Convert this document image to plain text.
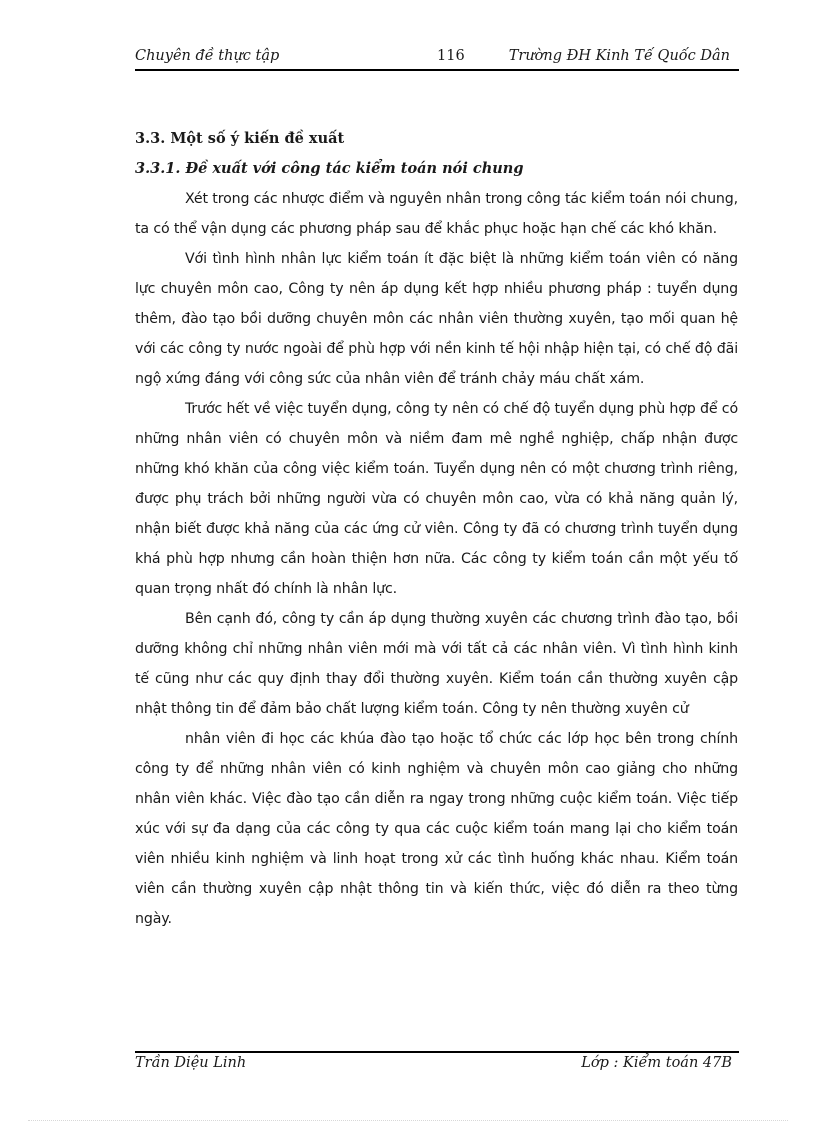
Chuyên đề thực tập	116	Trường ĐH Kinh Tế Quốc Dân

3.3. Một số ý kiến đề xuất

3.3.1. Đề xuất với công tác kiểm toán nói chung

Xét trong các nhược điểm và nguyên nhân trong công tác kiểm toán nói chung, ta có thể vận dụng các phương pháp sau để khắc phục hoặc hạn chế các khó khăn.

Với tình hình nhân lực kiểm toán ít đặc biệt là những kiểm toán viên có năng lực chuyên môn cao, Công ty nên áp dụng kết hợp nhiều phương pháp : tuyển dụng thêm, đào tạo bồi dưỡng chuyên môn các nhân viên thường xuyên, tạo mối quan hệ với các công ty nước ngoài để phù hợp với nền kinh tế hội nhập hiện tại, có chế độ đãi ngộ xứng đáng với công sức của nhân viên để tránh chảy máu chất xám.

Trước hết về việc tuyển dụng, công ty nên có chế độ tuyển dụng phù hợp để có những nhân viên có chuyên môn và niềm đam mê nghề nghiệp, chấp nhận được những khó khăn của công việc kiểm toán. Tuyển dụng nên có một chương trình riêng, được phụ trách bởi những người vừa có chuyên môn cao, vừa có khả năng quản lý, nhận biết được khả năng của các ứng cử viên. Công ty đã có chương trình tuyển dụng khá phù hợp nhưng cần hoàn thiện hơn nữa. Các công ty kiểm toán cần một yếu tố quan trọng nhất đó chính là nhân lực.

Bên cạnh đó, công ty cần áp dụng thường xuyên các chương trình đào tạo, bồi dưỡng không chỉ những nhân viên mới mà với tất cả các nhân viên. Vì tình hình kinh tế cũng như các quy định thay đổi thường xuyên. Kiểm toán cần thường xuyên cập nhật thông tin để đảm bảo chất lượng kiểm toán. Công ty nên thường xuyên cử

nhân viên đi học các khúa đào tạo hoặc tổ chức các lớp học bên trong chính công ty để những nhân viên có kinh nghiệm và chuyên môn cao giảng cho những nhân viên khác. Việc đào tạo cần diễn ra ngay trong những cuộc kiểm toán. Việc tiếp xúc với sự đa dạng của các công ty qua các cuộc kiểm toán mang lại cho kiểm toán viên nhiều kinh nghiệm và linh hoạt trong xử các tình huống khác nhau. Kiểm toán viên cần thường xuyên cập nhật thông tin và kiến thức, việc đó diễn ra theo từng ngày.

Trần Diệu Linh	Lớp : Kiểm toán 47B
